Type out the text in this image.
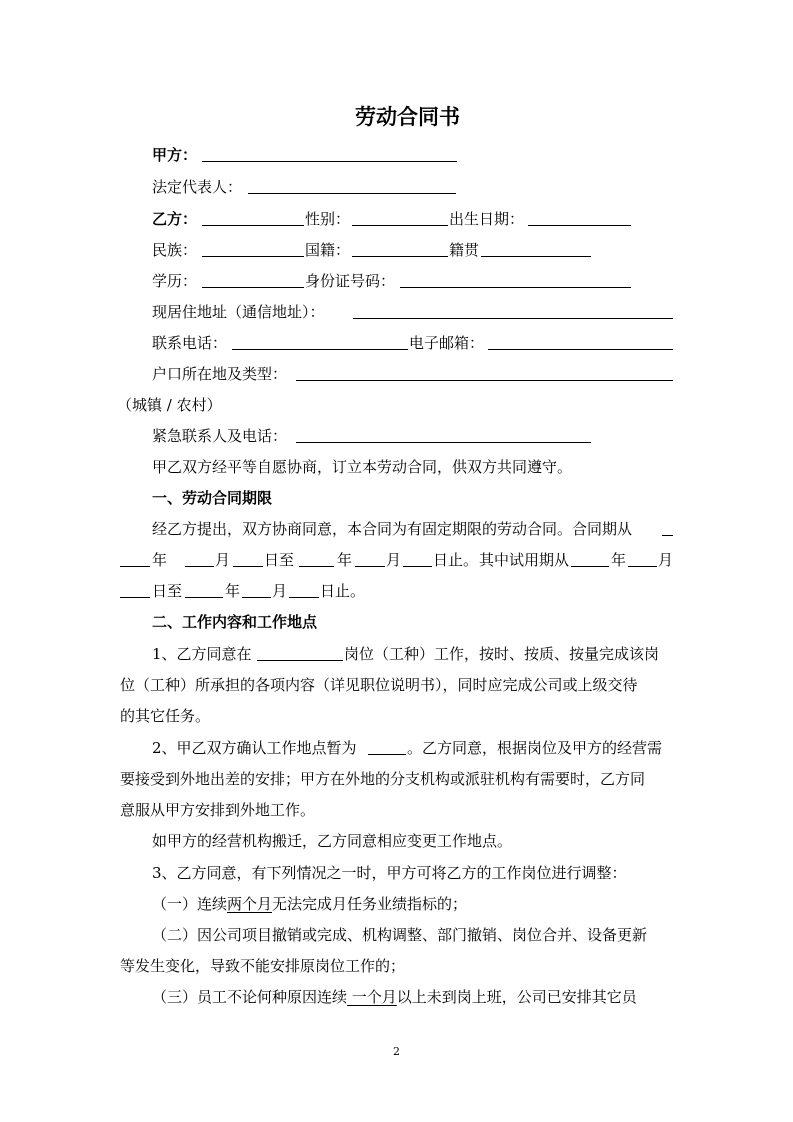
劳动合同书
甲方：
法定代表人：
乙方：	性别：	出生日期：
民族：	国籍：	籍贯
学历：	身份证号码：
现居住地址（通信地址）：
联系电话：	电子邮箱：
户口所在地及类型：
（城镇 / 农村）
紧急联系人及电话：
甲乙双方经平等自愿协商，订立本劳动合同，供双方共同遵守。
一、劳动合同期限
经乙方提出，双方协商同意，本合同为有固定期限的劳动合同。合同期从
年	月 日至	年 月 日止。 其中试用期从	年 月
日至	年 月 日止。
二、工作内容和工作地点
1、乙方同意在	岗位（工种）工作，按时、按质、按量完成该岗
位（工种）所承担的各项内容（详见职位说明书），同时应完成公司或上级交待
的其它任务。
2、甲乙双方确认工作地点暂为	。乙方同意，根据岗位及甲方的经营需
要接受到外地出差的安排；甲方在外地的分支机构或派驻机构有需要时，乙方同
意服从甲方安排到外地工作。
如甲方的经营机构搬迁，乙方同意相应变更工作地点。
3、乙方同意，有下列情况之一时，甲方可将乙方的工作岗位进行调整：
（一）连续两个月无法完成月任务业绩指标的；
（二）因公司项目撤销或完成、机构调整、部门撤销、岗位合并、设备更新
等发生变化，导致不能安排原岗位工作的；
（三）员工不论何种原因连续 一个月以上未到岗上班，公司已安排其它员
2
